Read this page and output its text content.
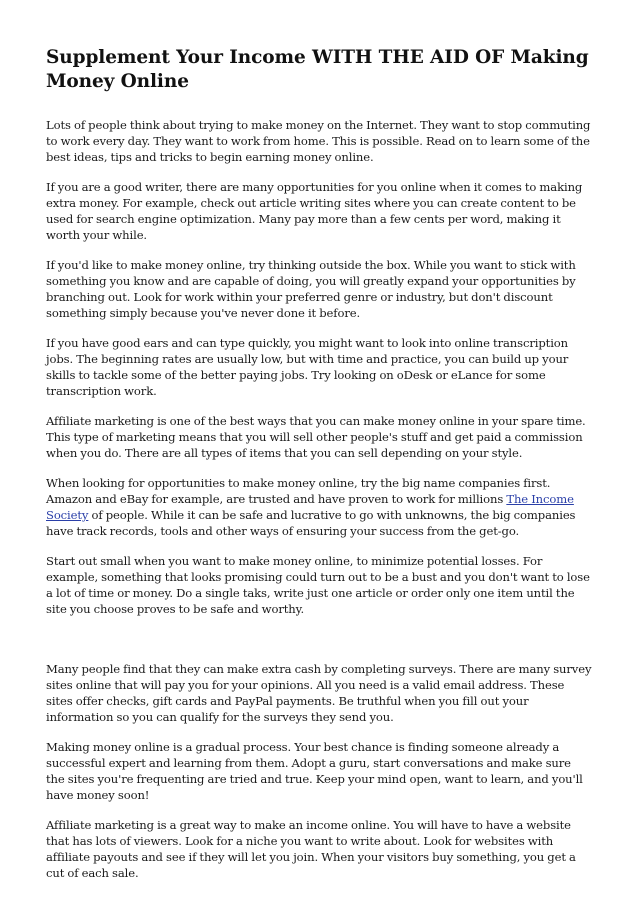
Supplement Your Income WITH THE AID OF Making Money Online

Lots of people think about trying to make money on the Internet. They want to stop commuting to work every day. They want to work from home. This is possible. Read on to learn some of the best ideas, tips and tricks to begin earning money online.

If you are a good writer, there are many opportunities for you online when it comes to making extra money. For example, check out article writing sites where you can create content to be used for search engine optimization. Many pay more than a few cents per word, making it worth your while.

If you'd like to make money online, try thinking outside the box. While you want to stick with something you know and are capable of doing, you will greatly expand your opportunities by branching out. Look for work within your preferred genre or industry, but don't discount something simply because you've never done it before.

If you have good ears and can type quickly, you might want to look into online transcription jobs. The beginning rates are usually low, but with time and practice, you can build up your skills to tackle some of the better paying jobs. Try looking on oDesk or eLance for some transcription work.

Affiliate marketing is one of the best ways that you can make money online in your spare time. This type of marketing means that you will sell other people's stuff and get paid a commission when you do. There are all types of items that you can sell depending on your style.

When looking for opportunities to make money online, try the big name companies first. Amazon and eBay for example, are trusted and have proven to work for millions The Income Society of people. While it can be safe and lucrative to go with unknowns, the big companies have track records, tools and other ways of ensuring your success from the get-go.

Start out small when you want to make money online, to minimize potential losses. For example, something that looks promising could turn out to be a bust and you don't want to lose a lot of time or money. Do a single taks, write just one article or order only one item until the site you choose proves to be safe and worthy.

Many people find that they can make extra cash by completing surveys. There are many survey sites online that will pay you for your opinions. All you need is a valid email address. These sites offer checks, gift cards and PayPal payments. Be truthful when you fill out your information so you can qualify for the surveys they send you.

Making money online is a gradual process. Your best chance is finding someone already a successful expert and learning from them. Adopt a guru, start conversations and make sure the sites you're frequenting are tried and true. Keep your mind open, want to learn, and you'll have money soon!

Affiliate marketing is a great way to make an income online. You will have to have a website that has lots of viewers. Look for a niche you want to write about. Look for websites with affiliate payouts and see if they will let you join. When your visitors buy something, you get a cut of each sale.
